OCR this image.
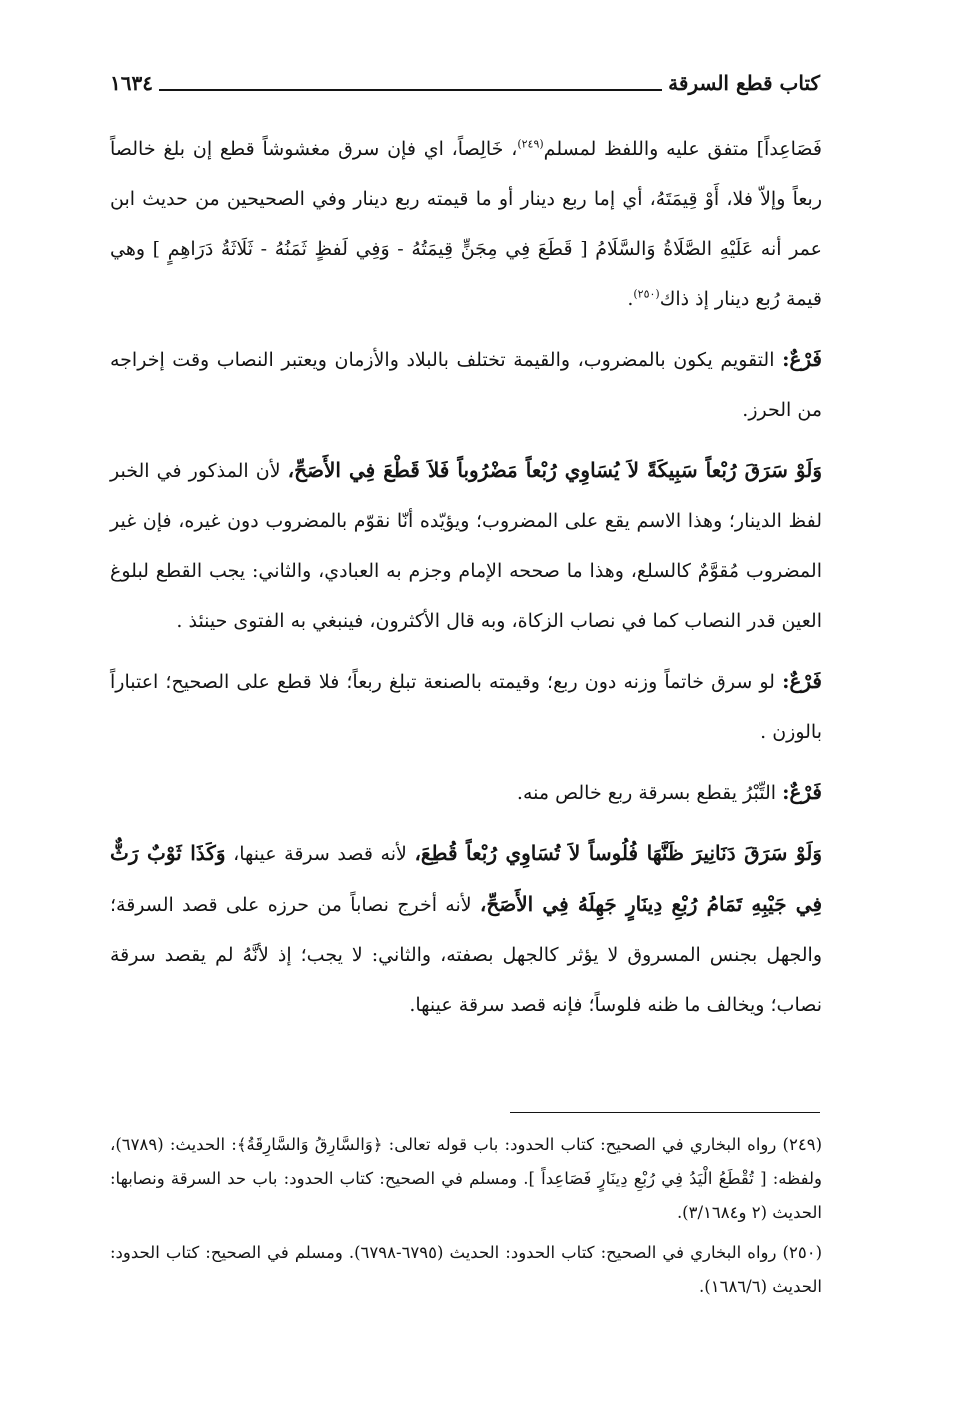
كتاب قطع السرقة
١٦٣٤

فَصَاعِداً] متفق عليه واللفظ لمسلم$^{(٢٤٩)}$، خَالِصاً، اي فإن سرق مغشوشاً قطع إن بلغ خالصاً ربعاً وإلاّ فلا، أَوْ قِيمَتَهُ، أي إما ربع دينار أو ما قيمته ربع دينار وفي الصحيحين من حديث ابن عمر أنه عَلَيْهِ الصَّلَاةُ وَالسَّلَامُ [ قَطَعَ فِي مِجَنٍّ قِيمَتُهُ - وَفِي لَفظٍ ثَمَنُهُ - ثَلَاثَةُ دَرَاهِمٍ ] وهي قيمة رُبع دينار إذ ذاك$^{(٢٥٠)}$.

فَرْعٌ: التقويم يكون بالمضروب، والقيمة تختلف بالبلاد والأزمان ويعتبر النصاب وقت إخراجه من الحرز.

وَلَوْ سَرَقَ رُبْعاً سَبِيكَةً لاَ يُسَاوِي رُبْعاً مَضْرُوباً فَلاَ قَطْعَ فِي الأَصَحِّ، لأن المذكور في الخبر لفظ الدينار؛ وهذا الاسم يقع على المضروب؛ ويؤيّده أنّا نقوّم بالمضروب دون غيره، فإن غير المضروب مُقوَّمٌ كالسلع، وهذا ما صححه الإمام وجزم به العبادي، والثاني: يجب القطع لبلوغ العين قدر النصاب كما في نصاب الزكاة، وبه قال الأكثرون، فينبغي به الفتوى حينئذ .

فَرْعٌ: لو سرق خاتماً وزنه دون ربع؛ وقيمته بالصنعة تبلغ ربعاً؛ فلا قطع على الصحيح؛ اعتباراً بالوزن .

فَرْعٌ: التِّبْرُ يقطع بسرقة ربع خالص منه.

وَلَوْ سَرَقَ دَنَانِيرَ ظَنَّهَا فُلُوساً لاَ تُسَاوِي رُبْعاً قُطِعَ، لأنه قصد سرقة عينها، وَكَذَا ثَوْبٌ رَثٌّ فِي جَيْبِهِ تَمَامُ رُبْعِ دِينَارٍ جَهِلَهُ فِي الأَصَحِّ، لأنه أخرج نصاباً من حرزه على قصد السرقة؛ والجهل بجنس المسروق لا يؤثر كالجهل بصفته، والثاني: لا يجب؛ إذ لأنَّهُ لم يقصد سرقة نصاب؛ ويخالف ما ظنه فلوساً؛ فإنه قصد سرقة عينها.

(٢٤٩) رواه البخاري في الصحيح: كتاب الحدود: باب قوله تعالى: ﴿وَالسَّارِقُ وَالسَّارِقَةُ﴾: الحديث: (٦٧٨٩)، ولفظه: [ تُقْطَعُ الْيَدُ فِي رُبْعِ دِينَارٍ فَصَاعِداً ]. ومسلم في الصحيح: كتاب الحدود: باب حد السرقة ونصابها: الحديث (٢ و٣/١٦٨٤).

(٢٥٠) رواه البخاري في الصحيح: كتاب الحدود: الحديث (٦٧٩٥-٦٧٩٨). ومسلم في الصحيح: كتاب الحدود: الحديث (١٦٨٦/٦).
